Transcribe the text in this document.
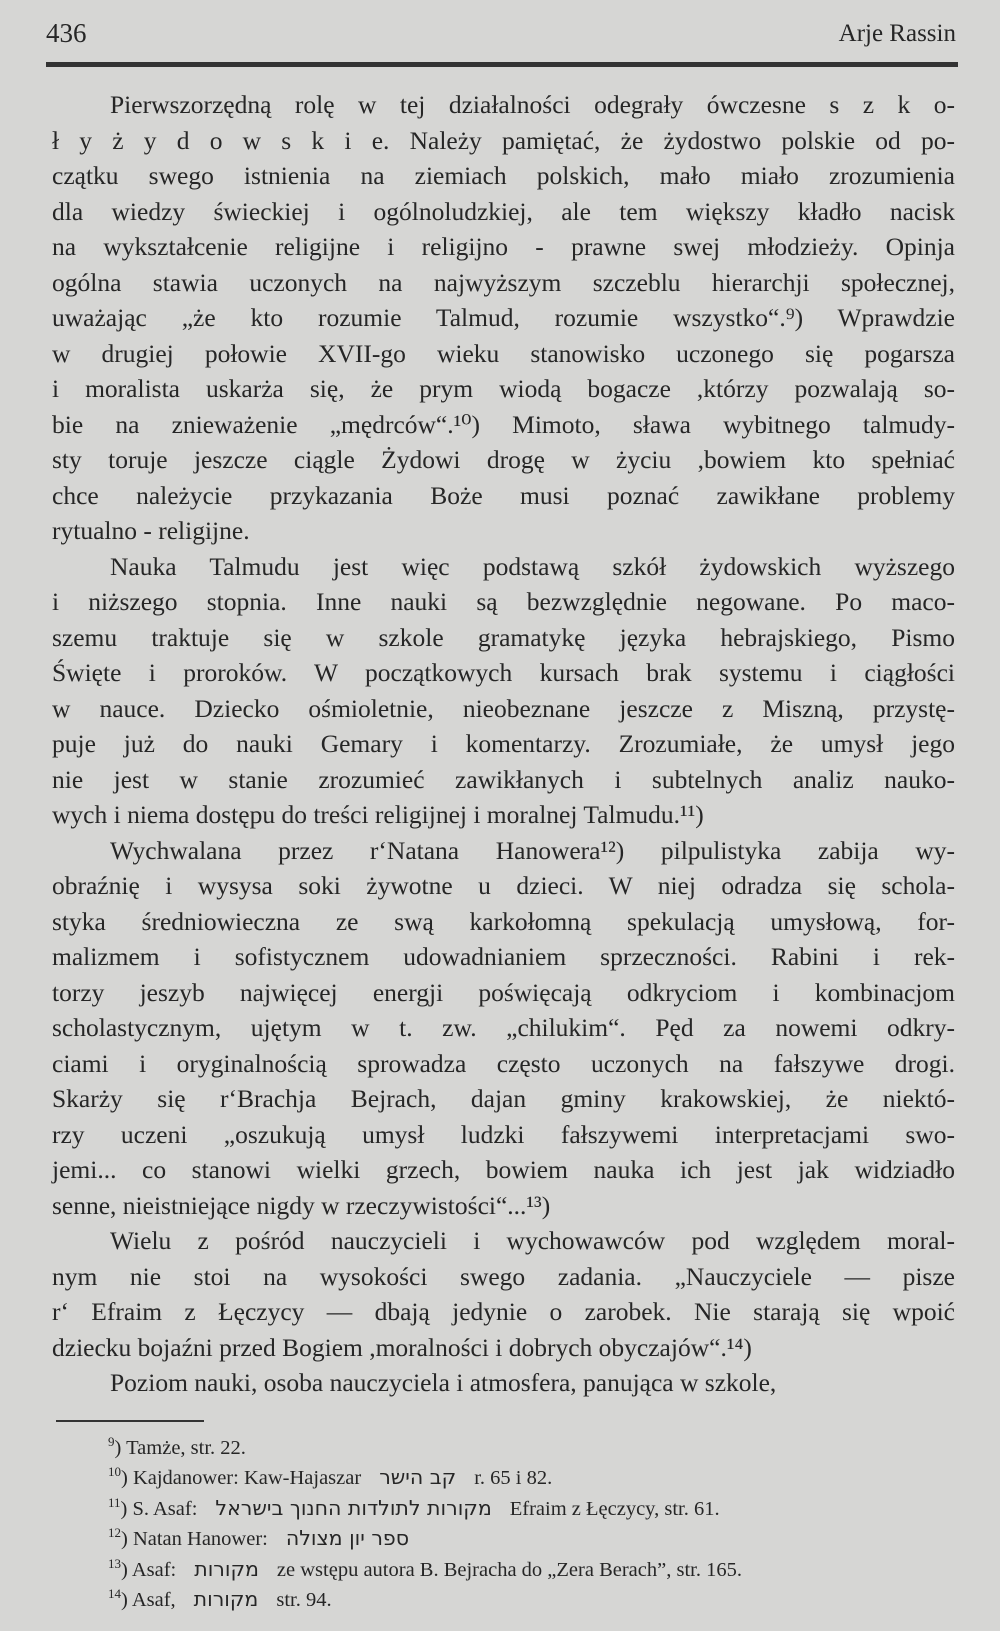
436	Arje Rassin
Pierwszorzędną rolę w tej działalności odegrały ówczesne s z k o-
ł y ż y d o w s k i e. Należy pamiętać, że żydostwo polskie od po-
czątku swego istnienia na ziemiach polskich, mało miało zrozumienia
dla wiedzy świeckiej i ogólnoludzkiej, ale tem większy kładło nacisk
na wykształcenie religijne i religijno - prawne swej młodzieży. Opinja
ogólna stawia uczonych na najwyższym szczeblu hierarchji społecznej,
uważając „że kto rozumie Talmud, rozumie wszystko“.⁹) Wprawdzie
w drugiej połowie XVII-go wieku stanowisko uczonego się pogarsza
i moralista uskarża się, że prym wiodą bogacze ,którzy pozwalają so-
bie na znieważenie „mędrców“.¹⁰) Mimoto, sława wybitnego talmudy-
sty toruje jeszcze ciągle Żydowi drogę w życiu ,bowiem kto spełniać
chce należycie przykazania Boże musi poznać zawikłane problemy
rytualno - religijne.
Nauka Talmudu jest więc podstawą szkół żydowskich wyższego
i niższego stopnia. Inne nauki są bezwzględnie negowane. Po maco-
szemu traktuje się w szkole gramatykę języka hebrajskiego, Pismo
Święte i proroków. W początkowych kursach brak systemu i ciągłości
w nauce. Dziecko ośmioletnie, nieobeznane jeszcze z Miszną, przystę-
puje już do nauki Gemary i komentarzy. Zrozumiałe, że umysł jego
nie jest w stanie zrozumieć zawikłanych i subtelnych analiz nauko-
wych i niema dostępu do treści religijnej i moralnej Talmudu.¹¹)
Wychwalana przez r‘Natana Hanowera¹²) pilpulistyka zabija wy-
obraźnię i wysysa soki żywotne u dzieci. W niej odradza się schola-
styka średniowieczna ze swą karkołomną spekulacją umysłową, for-
malizmem i sofistycznem udowadnianiem sprzeczności. Rabini i rek-
torzy jeszyb najwięcej energji poświęcają odkryciom i kombinacjom
scholastycznym, ujętym w t. zw. „chilukim“. Pęd za nowemi odkry-
ciami i oryginalnością sprowadza często uczonych na fałszywe drogi.
Skarży się r‘Brachja Bejrach, dajan gminy krakowskiej, że niektó-
rzy uczeni „oszukują umysł ludzki fałszywemi interpretacjami swo-
jemi... co stanowi wielki grzech, bowiem nauka ich jest jak widziadło
senne, nieistniejące nigdy w rzeczywistości“...¹³)
Wielu z pośród nauczycieli i wychowawców pod względem moral-
nym nie stoi na wysokości swego zadania. „Nauczyciele — pisze
r‘ Efraim z Łęczycy — dbają jedynie o zarobek. Nie starają się wpoić
dziecku bojaźni przed Bogiem ,moralności i dobrych obyczajów“.¹⁴)
Poziom nauki, osoba nauczyciela i atmosfera, panująca w szkole,
$^9$) Tamże, str. 22.
$^{10}$) Kajdanower: Kaw-Hajaszar קב הישר r. 65 i 82.
$^{11}$) S. Asaf: מקורות לתולדות החנוך בישראל Efraim z Łęczycy, str. 61.
$^{12}$) Natan Hanower: ספר יון מצולה
$^{13}$) Asaf: מקורות ze wstępu autora B. Bejracha do „Zera Berach”, str. 165.
$^{14}$) Asaf, מקורות str. 94.
